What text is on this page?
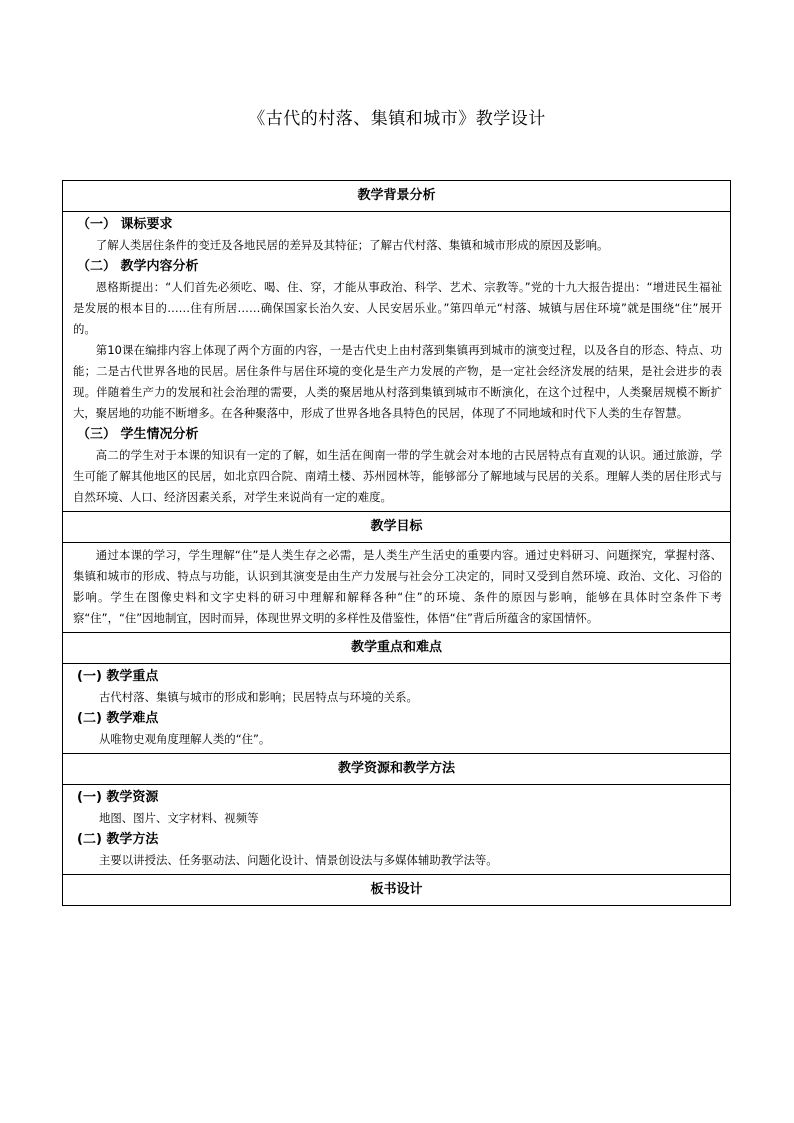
《古代的村落、集镇和城市》教学设计
教学背景分析

（一） 课标要求

了解人类居住条件的变迁及各地民居的差异及其特征；了解古代村落、集镇和城市形成的原因及影响。

（二） 教学内容分析

恩格斯提出：“人们首先必须吃、喝、住、穿，才能从事政治、科学、艺术、宗教等。”党的十九大报告提出：“增进民生福祉是发展的根本目的……住有所居……确保国家长治久安、人民安居乐业。”第四单元“村落、城镇与居住环境”就是围绕“住”展开的。

第10课在编排内容上体现了两个方面的内容，一是古代史上由村落到集镇再到城市的演变过程，以及各自的形态、特点、功能；二是古代世界各地的民居。居住条件与居住环境的变化是生产力发展的产物，是一定社会经济发展的结果，是社会进步的表现。伴随着生产力的发展和社会治理的需要，人类的聚居地从村落到集镇到城市不断演化，在这个过程中，人类聚居规模不断扩大，聚居地的功能不断增多。在各种聚落中，形成了世界各地各具特色的民居，体现了不同地域和时代下人类的生存智慧。

（三） 学生情况分析

高二的学生对于本课的知识有一定的了解，如生活在闽南一带的学生就会对本地的古民居特点有直观的认识。通过旅游，学生可能了解其他地区的民居，如北京四合院、南靖土楼、苏州园林等，能够部分了解地域与民居的关系。理解人类的居住形式与自然环境、人口、经济因素关系，对学生来说尚有一定的难度。

教学目标

通过本课的学习，学生理解“住”是人类生存之必需，是人类生产生活史的重要内容。通过史料研习、问题探究，掌握村落、集镇和城市的形成、特点与功能，认识到其演变是由生产力发展与社会分工决定的，同时又受到自然环境、政治、文化、习俗的影响。学生在图像史料和文字史料的研习中理解和解释各种“住”的环境、条件的原因与影响，能够在具体时空条件下考察“住”，“住”因地制宜，因时而异，体现世界文明的多样性及借鉴性，体悟“住”背后所蕴含的家国情怀。

教学重点和难点

(一) 教学重点
古代村落、集镇与城市的形成和影响；民居特点与环境的关系。
(二) 教学难点
从唯物史观角度理解人类的“住”。

教学资源和教学方法

(一) 教学资源
地图、图片、文字材料、视频等
(二) 教学方法
主要以讲授法、任务驱动法、问题化设计、情景创设法与多媒体辅助教学法等。

板书设计
